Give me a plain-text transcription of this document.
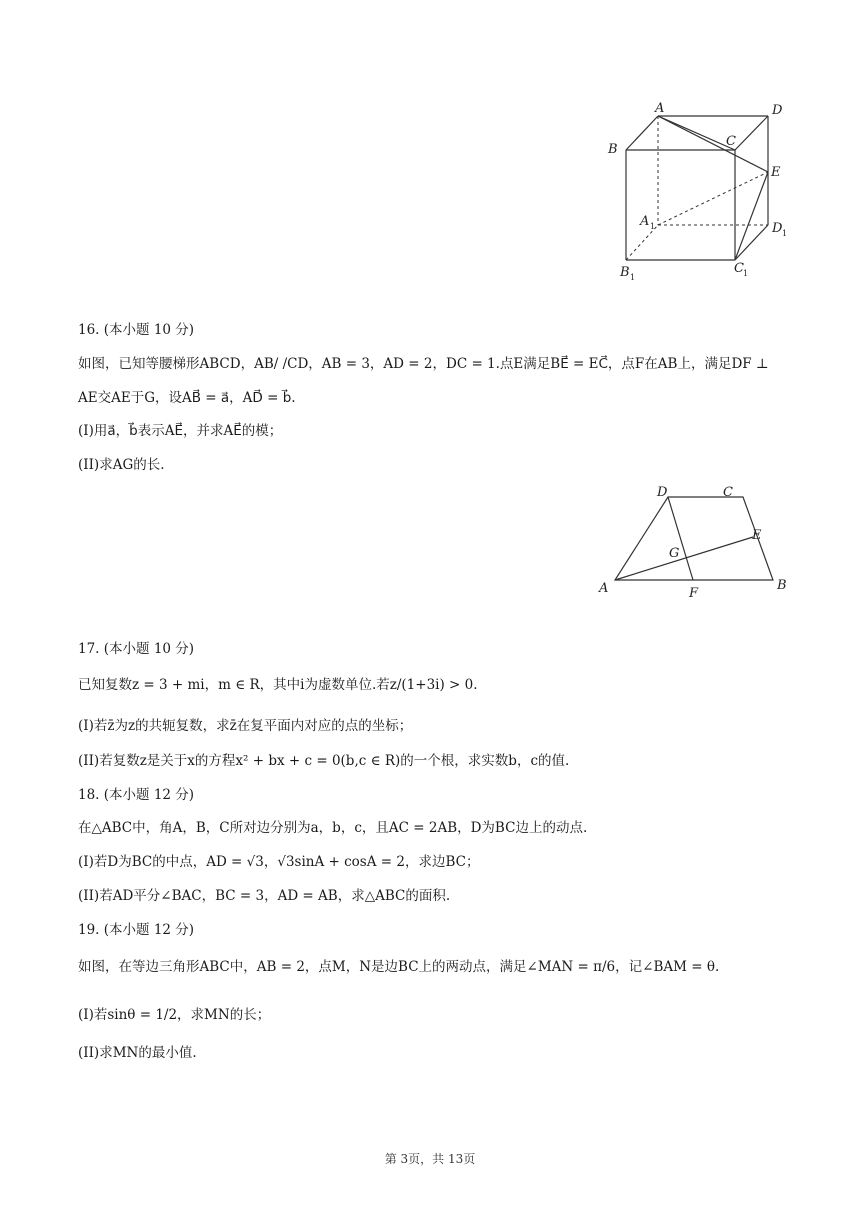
A
B
C
D
E
A 1	D 1
B 1
C 1
16. (本小题 10 分)
如图，已知等腰梯形ABCD，AB/ /CD，AB = 3，AD = 2，DC = 1.点E满足BE⃗ = EC⃗，点F在AB上，满足DF ⊥
AE交AE于G，设AB⃗ = a⃗，AD⃗ = b⃗.
(I)用a⃗，b⃗表示AE⃗，并求AE⃗的模；
(II)求AG的长.
A	B
C
D
E
F
G
17. (本小题 10 分)
已知复数z = 3 + mi，m ∈ R，其中i为虚数单位.若z/(1+3i) > 0.
(I)若z̄为z的共轭复数，求z̄在复平面内对应的点的坐标；
(II)若复数z是关于x的方程x² + bx + c = 0(b,c ∈ R)的一个根，求实数b，c的值.
18. (本小题 12 分)
在△ABC中，角A，B，C所对边分别为a，b，c，且AC = 2AB，D为BC边上的动点.
(I)若D为BC的中点，AD = √3，√3sinA + cosA = 2，求边BC；
(II)若AD平分∠BAC，BC = 3，AD = AB，求△ABC的面积.
19. (本小题 12 分)
如图，在等边三角形ABC中，AB = 2，点M，N是边BC上的两动点，满足∠MAN = π/6，记∠BAM = θ.
(I)若sinθ = 1/2，求MN的长；
(II)求MN的最小值.
第 3页，共 13页
